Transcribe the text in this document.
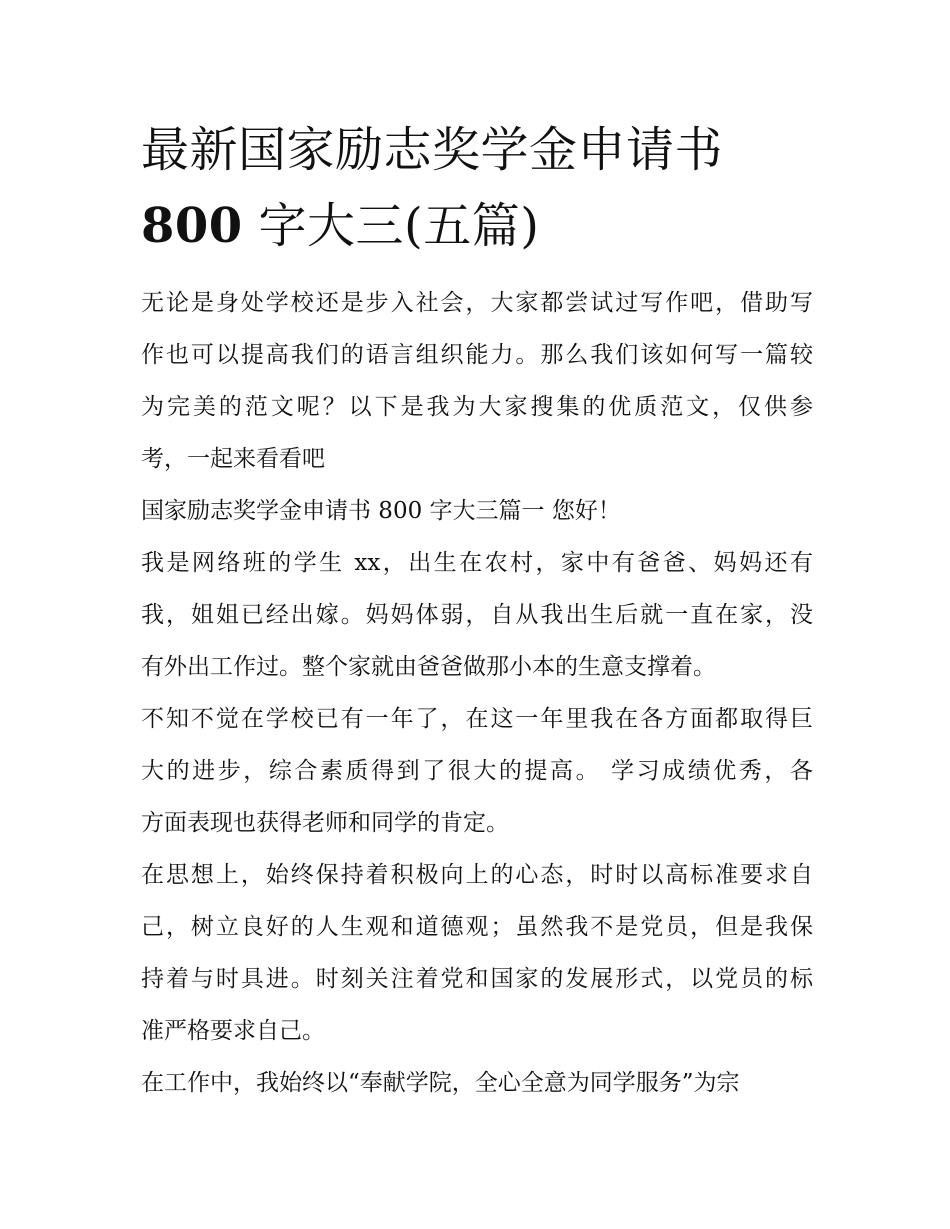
最新国家励志奖学金申请书
800 字大三(五篇)

无论是身处学校还是步入社会，大家都尝试过写作吧，借助写
作也可以提高我们的语言组织能力。那么我们该如何写一篇较
为完美的范文呢？以下是我为大家搜集的优质范文，仅供参
考，一起来看看吧

国家励志奖学金申请书 800 字大三篇一 您好！

我是网络班的学生 xx，出生在农村，家中有爸爸、妈妈还有
我，姐姐已经出嫁。妈妈体弱，自从我出生后就一直在家，没
有外出工作过。整个家就由爸爸做那小本的生意支撑着。

不知不觉在学校已有一年了，在这一年里我在各方面都取得巨
大的进步，综合素质得到了很大的提高。 学习成绩优秀，各
方面表现也获得老师和同学的肯定。

在思想上，始终保持着积极向上的心态，时时以高标准要求自
己，树立良好的人生观和道德观；虽然我不是党员，但是我保
持着与时具进。时刻关注着党和国家的发展形式，以党员的标
准严格要求自己。

在工作中，我始终以“奉献学院，全心全意为同学服务”为宗
